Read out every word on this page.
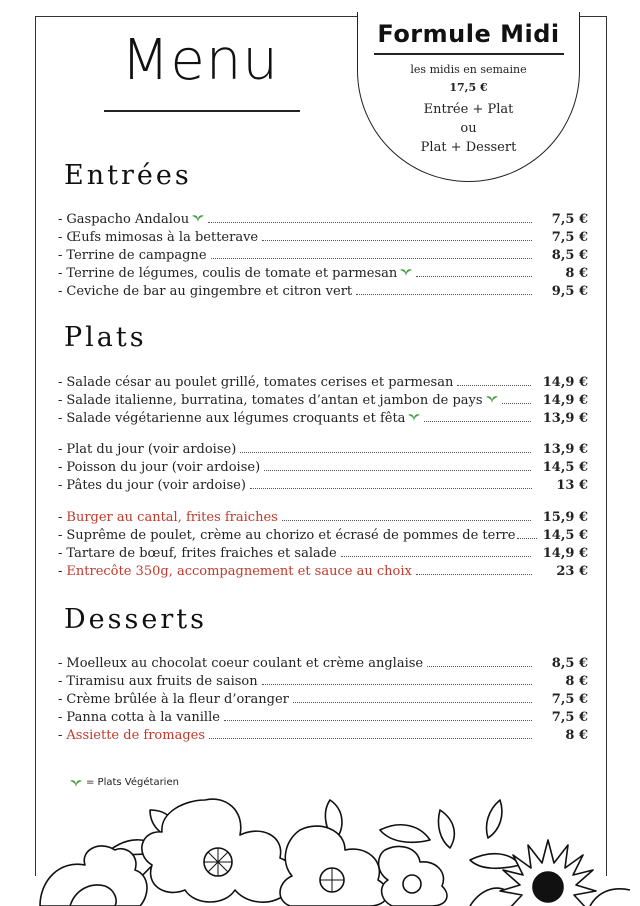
Menu	Formule Midi
les midis en semaine
17,5 €
Entrée + Plat
ou
Plat + Dessert
Entrées
- Gaspacho Andalou	7,5 €
- Œufs mimosas à la betterave	7,5 €
- Terrine de campagne	8,5 €
- Terrine de légumes, coulis de tomate et parmesan	8 €
- Ceviche de bar au gingembre et citron vert	9,5 €
Plats
- Salade césar au poulet grillé, tomates cerises et parmesan	14,9 €
- Salade italienne, burratina, tomates d’antan et jambon de pays	14,9 €
- Salade végétarienne aux légumes croquants et fêta	13,9 €
- Plat du jour (voir ardoise)	13,9 €
- Poisson du jour (voir ardoise)	14,5 €
- Pâtes du jour (voir ardoise)	13 €
- Burger au cantal, frites fraiches	15,9 €
- Suprême de poulet, crème au chorizo et écrasé de pommes de terre 14,5 €
- Tartare de bœuf, frites fraiches et salade	14,9 €
- Entrecôte 350g, accompagnement et sauce au choix	23 €
Desserts
- Moelleux au chocolat coeur coulant et crème anglaise	8,5 €
- Tiramisu aux fruits de saison	8 €
- Crème brûlée à la fleur d’oranger	7,5 €
- Panna cotta à la vanille	7,5 €
- Assiette de fromages	8 €
= Plats Végétarien
